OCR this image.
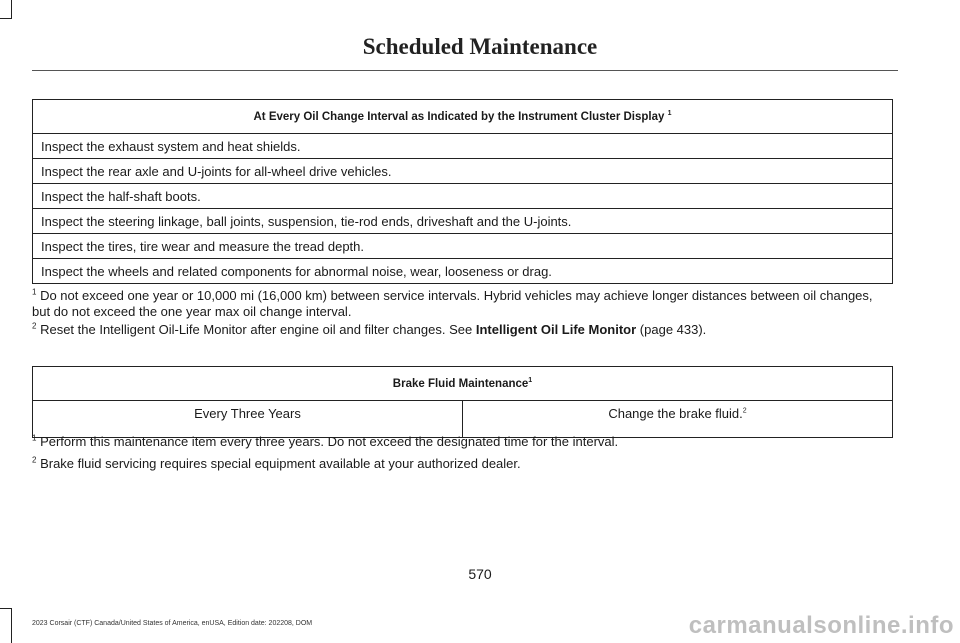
Scheduled Maintenance
At Every Oil Change Interval as Indicated by the Instrument Cluster Display $^1$
Inspect the exhaust system and heat shields.
Inspect the rear axle and U-joints for all-wheel drive vehicles.
Inspect the half-shaft boots.
Inspect the steering linkage, ball joints, suspension, tie-rod ends, driveshaft and the U-joints.
Inspect the tires, tire wear and measure the tread depth.
Inspect the wheels and related components for abnormal noise, wear, looseness or drag.
$^1$ Do not exceed one year or 10,000 mi (16,000 km) between service intervals. Hybrid vehicles may achieve longer distances between oil changes, but do not exceed the one year max oil change interval.
$^2$ Reset the Intelligent Oil-Life Monitor after engine oil and filter changes. See Intelligent Oil Life Monitor (page 433).
Brake Fluid Maintenance$^1$
Every Three Years	Change the brake fluid.$^2$
$^1$ Perform this maintenance item every three years. Do not exceed the designated time for the interval.
$^2$ Brake fluid servicing requires special equipment available at your authorized dealer.
570
2023 Corsair (CTF) Canada/United States of America, enUSA, Edition date: 202208, DOM	carmanualsonline.info
